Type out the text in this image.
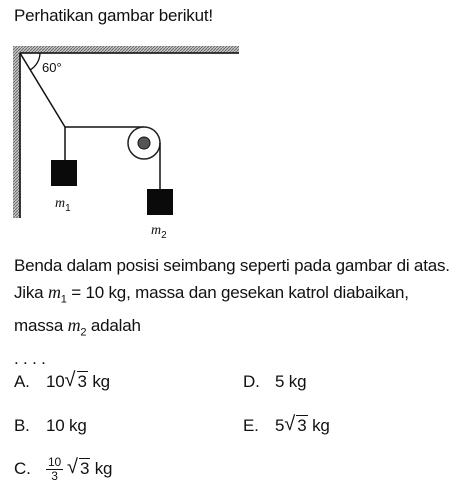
Perhatikan gambar berikut!
60°
$m_1$
$m_2$
Benda dalam posisi seimbang seperti pada gambar di atas. Jika $m_1 = 10$ kg, massa dan gesekan katrol diabaikan, massa $m_2$ adalah
. . . .
A. 10 √ 3 kg
B. 10 kg
C. $\frac{10}{3}$ √ 3 kg
D. 5 kg
E. 5 √ 3 kg
